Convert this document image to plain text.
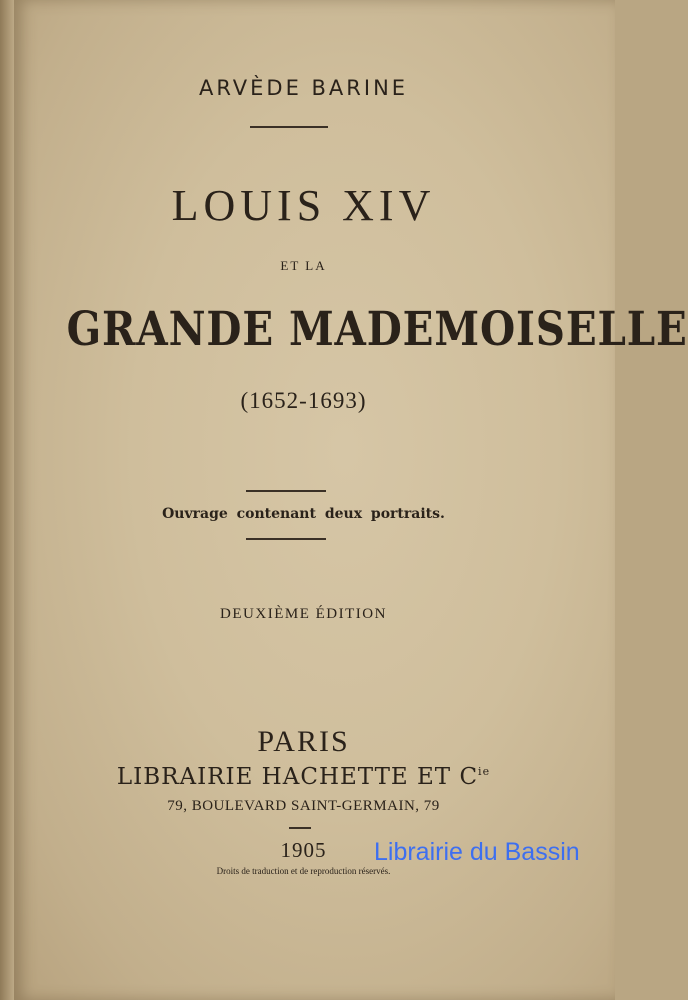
ARVÈDE BARINE
LOUIS XIV
ET LA
GRANDE MADEMOISELLE
(1652-1693)
Ouvrage contenant deux portraits.
DEUXIÈME ÉDITION
PARIS
LIBRAIRIE HACHETTE ET $C^{ie}$
79, BOULEVARD SAINT-GERMAIN, 79
1905
Droits de traduction et de reproduction réservés.
Librairie du Bassin
